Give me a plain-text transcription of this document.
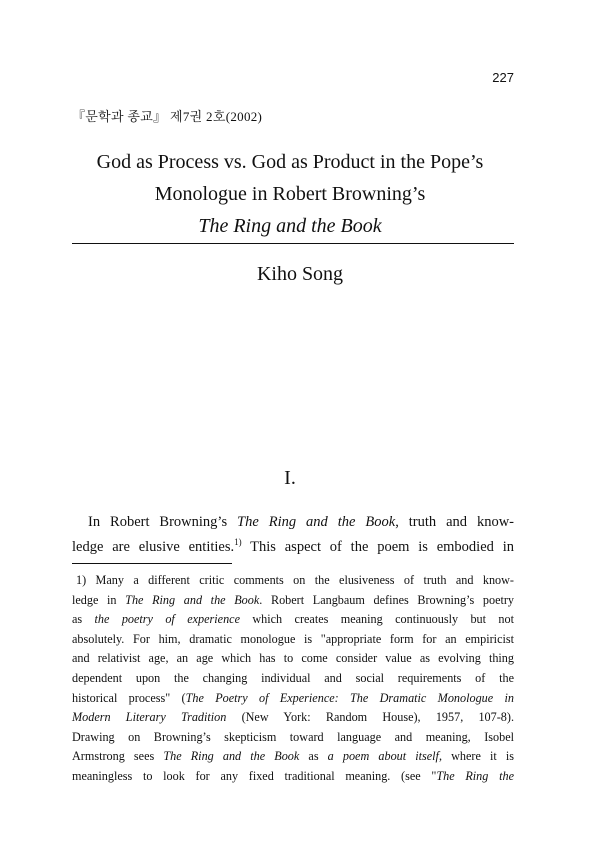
227
『문학과 종교』 제7권 2호(2002)
God as Process vs. God as Product in the Pope’s
Monologue in Robert Browning’s
The Ring and the Book
Kiho Song
I.
In Robert Browning’s The Ring and the Book, truth and know-
ledge are elusive entities.$^{1)}$ This aspect of the poem is embodied in
1) Many a different critic comments on the elusiveness of truth and know-
ledge in The Ring and the Book. Robert Langbaum defines Browning’s poetry
as the poetry of experience which creates meaning continuously but not
absolutely. For him, dramatic monologue is "appropriate form for an empiricist
and relativist age, an age which has to come consider value as evolving thing
dependent upon the changing individual and social requirements of the
historical process" (The Poetry of Experience: The Dramatic Monologue in
Modern Literary Tradition (New York: Random House), 1957, 107-8).
Drawing on Browning’s skepticism toward language and meaning, Isobel
Armstrong sees The Ring and the Book as a poem about itself, where it is
meaningless to look for any fixed traditional meaning. (see "The Ring the
